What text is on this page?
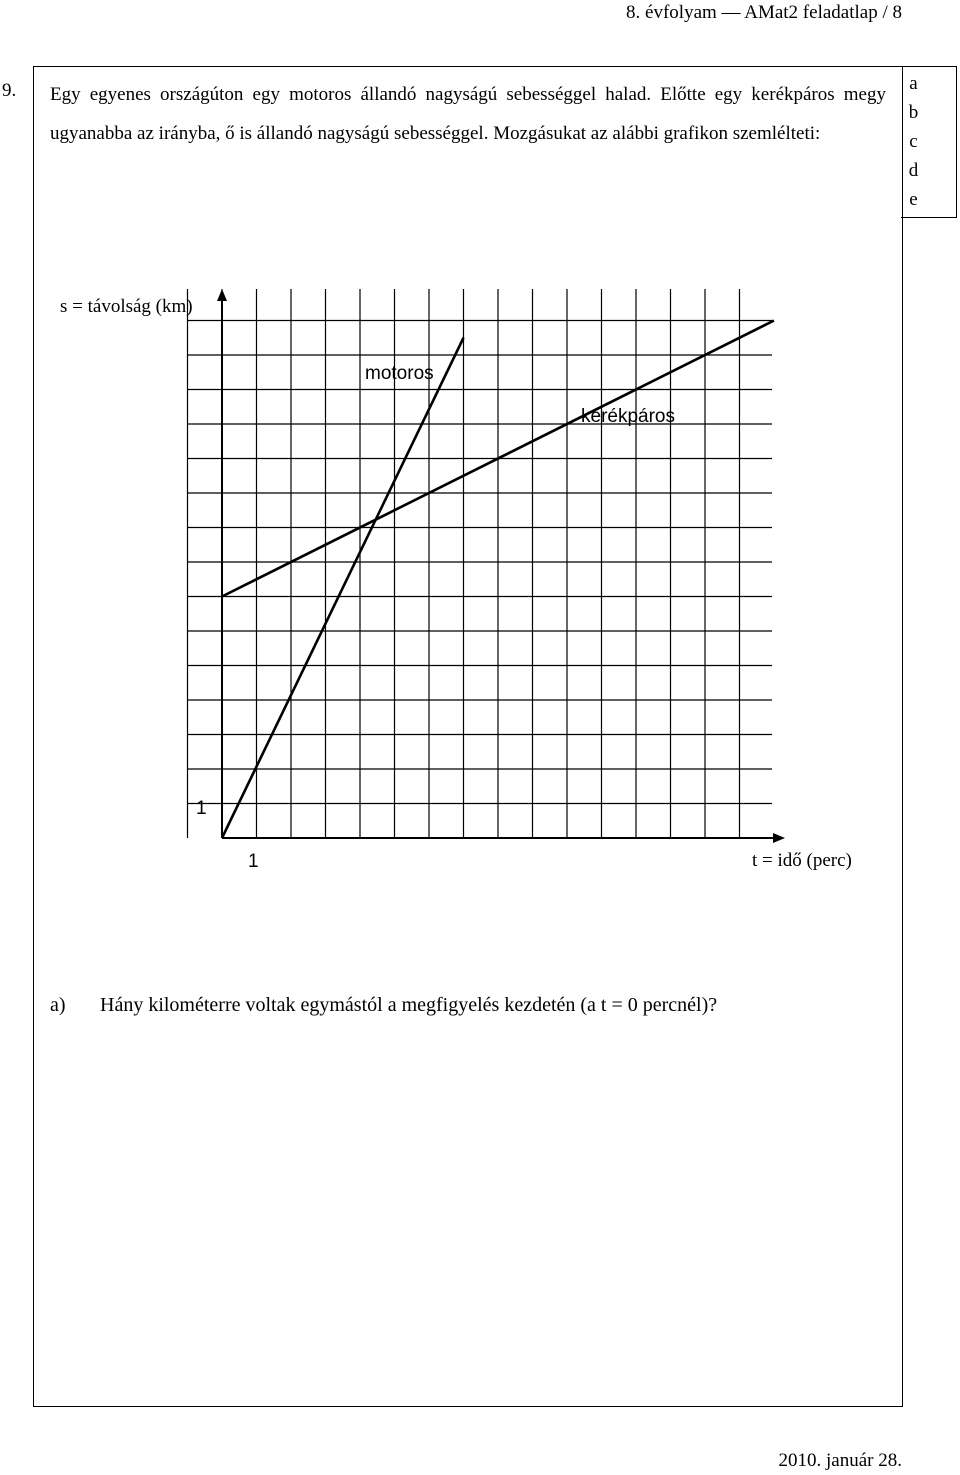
8. évfolyam — AMat2 feladatlap / 8
9. Egy egyenes országúton egy motoros állandó nagyságú sebességgel halad. Előtte egy kerékpáros megy ugyanabba az irányba, ő is állandó nagyságú sebességgel. Mozgásukat az alábbi grafikon szemlélteti:

a
b
c
d
e
s = távolság (km)
t = idő (perc)
1
1
motoros
kerékpáros
a) Hány kilométerre voltak egymástól a megfigyelés kezdetén (a t = 0 percnél)?
2010. január 28.
